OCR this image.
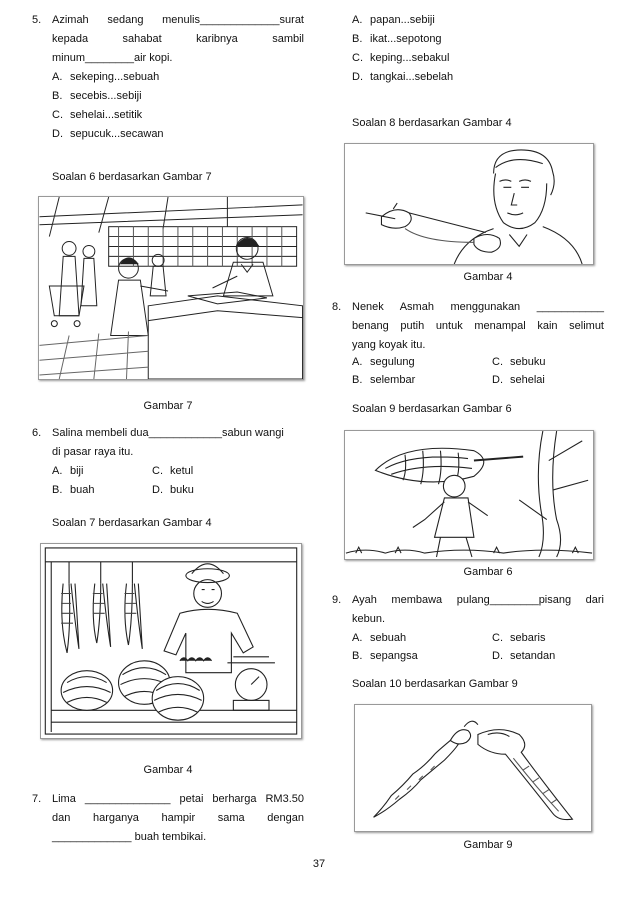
5. Azimah sedang menulis_____________surat
kepada sahabat karibnya sambil
minum________air kopi.
A. sekeping...sebuah
B. secebis...sebiji
C. sehelai...setitik
D. sepucuk...secawan
Soalan 6 berdasarkan Gambar 7
Gambar 7
6. Salina membeli dua____________sabun wangi
di pasar raya itu.
A. biji
B. buah
C. ketul
D. buku
Soalan 7 berdasarkan Gambar 4
Gambar 4
7. Lima ______________ petai berharga RM3.50
dan harganya hampir sama dengan
_____________ buah tembikai.
A. papan...sebiji
B. ikat...sepotong
C. keping...sebakul
D. tangkai...sebelah
Soalan 8 berdasarkan Gambar 4
Gambar 4
8. Nenek Asmah menggunakan ___________
benang putih untuk menampal kain selimut
yang koyak itu.
A. segulung
B. selembar
C. sebuku
D. sehelai
Soalan 9 berdasarkan Gambar 6
Gambar 6
9. Ayah membawa pulang________pisang dari
kebun.
A. sebuah
B. sepangsa
C. sebaris
D. setandan
Soalan 10 berdasarkan Gambar 9
Gambar 9
37
